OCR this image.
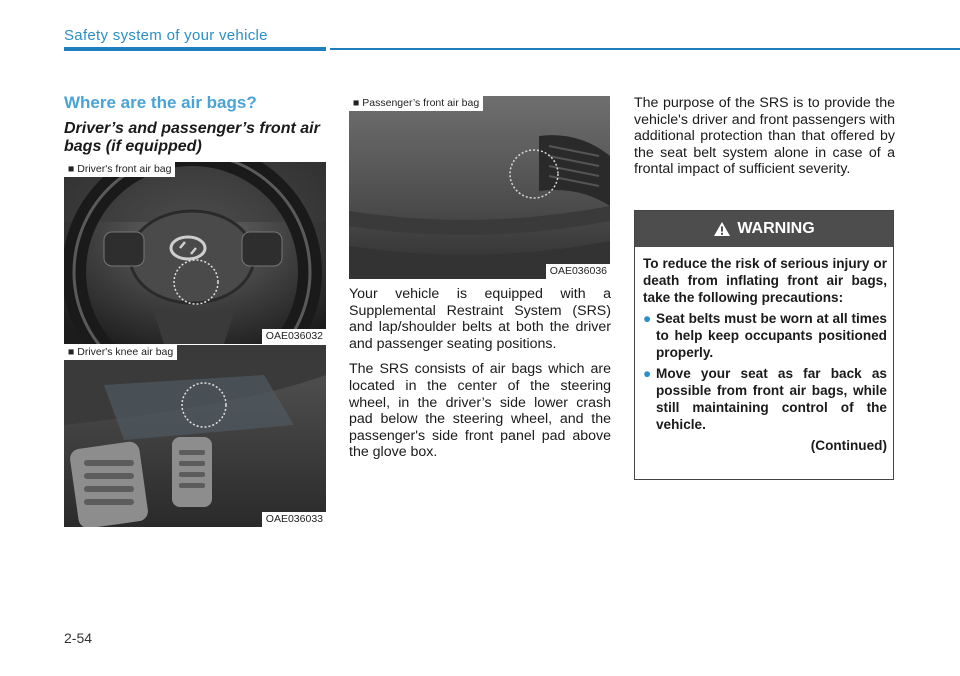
Safety system of your vehicle
Where are the air bags?
Driver’s and passenger’s front air bags (if equipped)
■ Driver's front air bag
OAE036032
■ Driver's knee air bag
OAE036033
■ Passenger’s front air bag
OAE036036

Your vehicle is equipped with a Supplemental Restraint System (SRS) and lap/shoulder belts at both the driver and passenger seating positions.

The SRS consists of air bags which are located in the center of the steering wheel, in the driver’s side lower crash pad below the steering wheel, and the passenger's side front panel pad above the glove box.

The purpose of the SRS is to provide the vehicle's driver and front passengers with additional protection than that offered by the seat belt system alone in case of a frontal impact of sufficient severity.

WARNING

To reduce the risk of serious injury or death from inflating front air bags, take the following precautions:

● Seat belts must be worn at all times to help keep occupants positioned properly.
● Move your seat as far back as possible from front air bags, while still maintaining control of the vehicle.
(Continued)
2-54
